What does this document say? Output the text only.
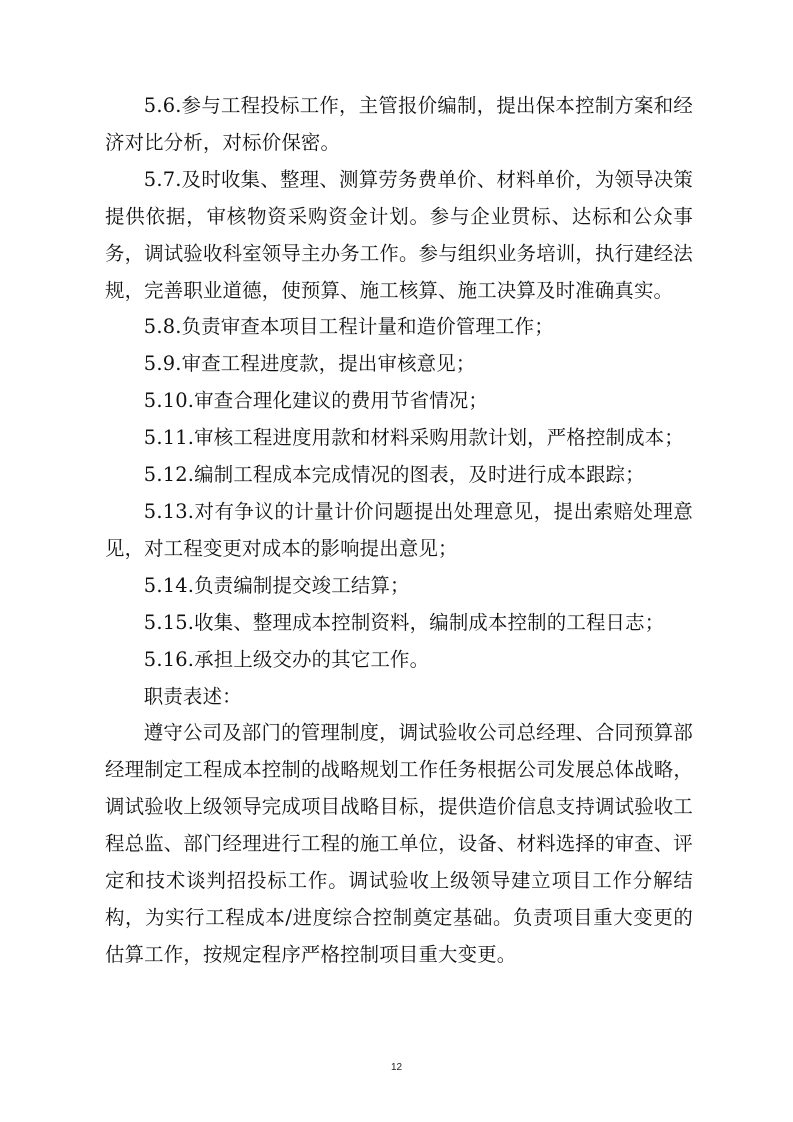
5.6.参与工程投标工作，主管报价编制，提出保本控制方案和经济对比分析，对标价保密。

5.7.及时收集、整理、测算劳务费单价、材料单价，为领导决策提供依据，审核物资采购资金计划。参与企业贯标、达标和公众事务，调试验收科室领导主办务工作。参与组织业务培训，执行建经法规，完善职业道德，使预算、施工核算、施工决算及时准确真实。

5.8.负责审查本项目工程计量和造价管理工作；

5.9.审查工程进度款，提出审核意见；

5.10.审查合理化建议的费用节省情况；

5.11.审核工程进度用款和材料采购用款计划，严格控制成本；

5.12.编制工程成本完成情况的图表，及时进行成本跟踪；

5.13.对有争议的计量计价问题提出处理意见，提出索赔处理意见，对工程变更对成本的影响提出意见；

5.14.负责编制提交竣工结算；

5.15.收集、整理成本控制资料，编制成本控制的工程日志；

5.16.承担上级交办的其它工作。

职责表述：

遵守公司及部门的管理制度，调试验收公司总经理、合同预算部经理制定工程成本控制的战略规划工作任务根据公司发展总体战略，调试验收上级领导完成项目战略目标，提供造价信息支持调试验收工程总监、部门经理进行工程的施工单位，设备、材料选择的审查、评定和技术谈判招投标工作。调试验收上级领导建立项目工作分解结构，为实行工程成本/进度综合控制奠定基础。负责项目重大变更的估算工作，按规定程序严格控制项目重大变更。

12
